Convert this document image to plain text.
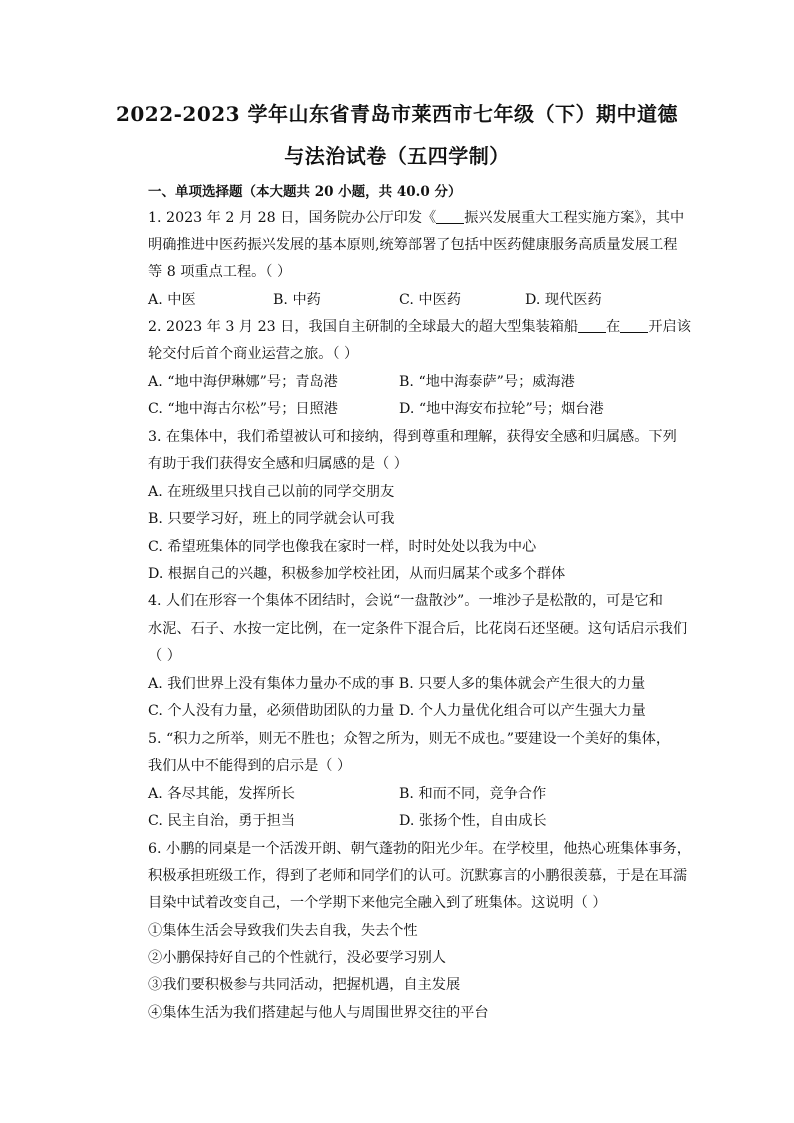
2022-2023 学年山东省青岛市莱西市七年级（下）期中道德
与法治试卷（五四学制）
一、单项选择题（本大题共 20 小题，共 40.0 分）
1. 2023 年 2 月 28 日，国务院办公厅印发《 振兴发展重大工程实施方案》，其中
明确推进中医药振兴发展的基本原则,统筹部署了包括中医药健康服务高质量发展工程
等 8 项重点工程。（ ）
A. 中医	B. 中药	C. 中医药	D. 现代医药
2. 2023 年 3 月 23 日，我国自主研制的全球最大的超大型集装箱船 在 开启该
轮交付后首个商业运营之旅。（ ）
A. “地中海伊琳娜”号；青岛港	B. “地中海泰萨”号；威海港
C. “地中海古尔松”号；日照港	D. “地中海安布拉轮”号；烟台港
3. 在集体中，我们希望被认可和接纳，得到尊重和理解，获得安全感和归属感。下列
有助于我们获得安全感和归属感的是（ ）
A. 在班级里只找自己以前的同学交朋友
B. 只要学习好，班上的同学就会认可我
C. 希望班集体的同学也像我在家时一样，时时处处以我为中心
D. 根据自己的兴趣，积极参加学校社团，从而归属某个或多个群体
4. 人们在形容一个集体不团结时，会说“一盘散沙”。一堆沙子是松散的，可是它和
水泥、石子、水按一定比例，在一定条件下混合后，比花岗石还坚硬。这句话启示我们
（ ）
A. 我们世界上没有集体力量办不成的事 B. 只要人多的集体就会产生很大的力量
C. 个人没有力量，必须借助团队的力量 D. 个人力量优化组合可以产生强大力量
5. “积力之所举，则无不胜也；众智之所为，则无不成也。”要建设一个美好的集体，
我们从中不能得到的启示是（ ）
A. 各尽其能，发挥所长	B. 和而不同，竞争合作
C. 民主自治，勇于担当	D. 张扬个性，自由成长
6. 小鹏的同桌是一个活泼开朗、朝气蓬勃的阳光少年。在学校里，他热心班集体事务，
积极承担班级工作，得到了老师和同学们的认可。沉默寡言的小鹏很羡慕，于是在耳濡
目染中试着改变自己，一个学期下来他完全融入到了班集体。这说明（ ）
①集体生活会导致我们失去自我，失去个性
②小鹏保持好自己的个性就行，没必要学习别人
③我们要积极参与共同活动，把握机遇，自主发展
④集体生活为我们搭建起与他人与周围世界交往的平台
